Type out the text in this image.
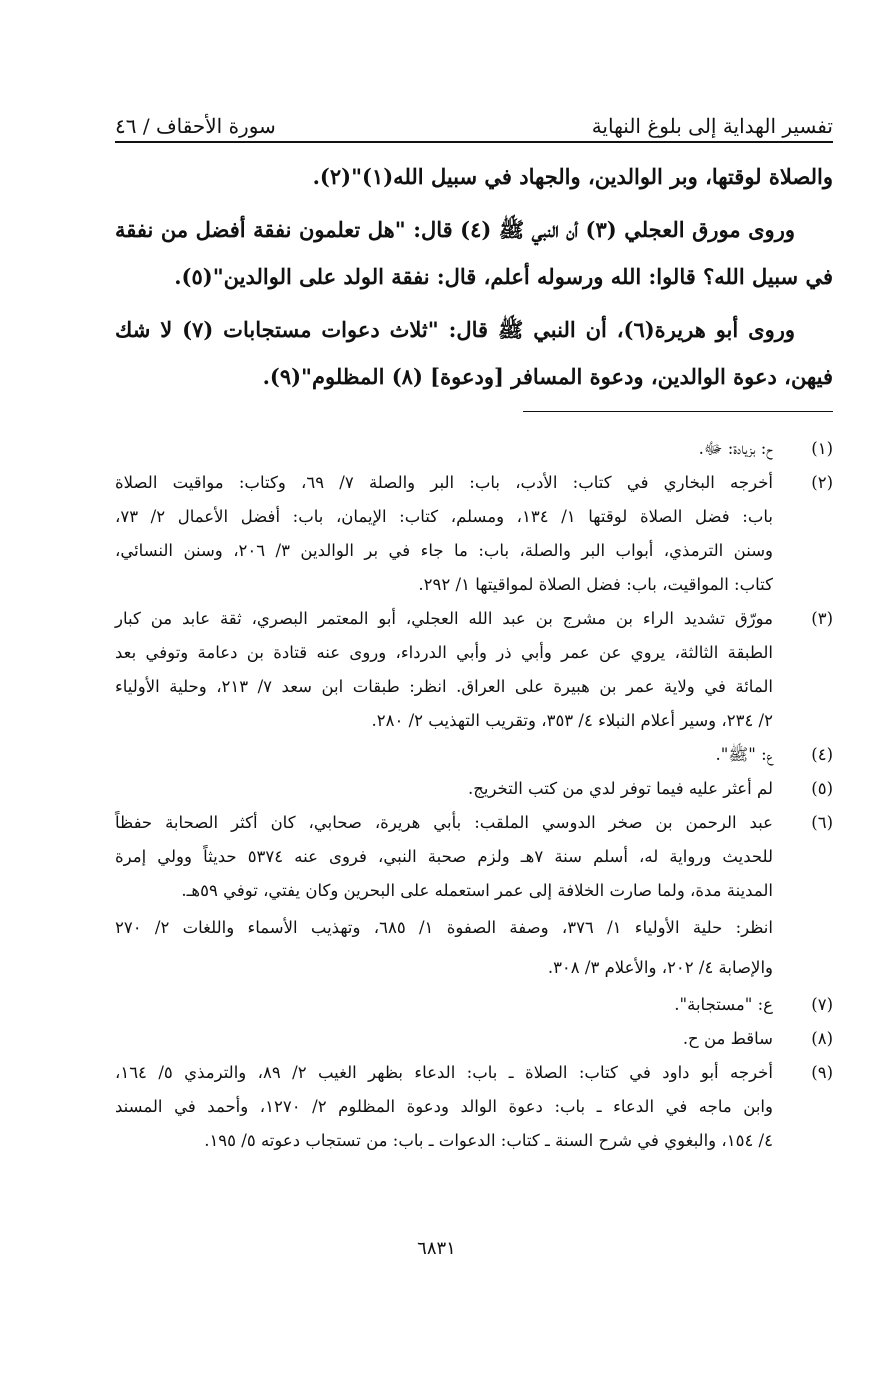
تفسير الهداية إلى بلوغ النهاية
سورة الأحقاف / ٤٦

والصلاة لوقتها، وبر الوالدين، والجهاد في سبيل الله‏(١)"(٢).

وروى مورق العجلي (٣) أن النبي ﷺ (٤) قال: "هل تعلمون نفقة أفضل من نفقة في سبيل الله؟ قالوا: الله ورسوله أعلم، قال: نفقة الولد على الوالدين"(٥).

وروى أبو هريرة(٦)، أن النبي ﷺ قال: "ثلاث دعوات مستجابات (٧) لا شك فيهن، دعوة الوالدين، ودعوة المسافر [ودعوة] (٨) المظلوم"(٩).

(١)
ح: بزيادة: ﷻ.
(٢)
أخرجه البخاري في كتاب: الأدب، باب: البر والصلة ٧/ ٦٩، وكتاب: مواقيت الصلاة
باب: فضل الصلاة لوقتها ١/ ١٣٤، ومسلم، كتاب: الإيمان، باب: أفضل الأعمال ٢/ ٧٣،
وسنن الترمذي، أبواب البر والصلة، باب: ما جاء في بر الوالدين ٣/ ٢٠٦، وسنن النسائي،
كتاب: المواقيت، باب: فضل الصلاة لمواقيتها ١/ ٢٩٢.
(٣)
مورّق تشديد الراء بن مشرج بن عبد الله العجلي، أبو المعتمر البصري، ثقة عابد من كبار
الطبقة الثالثة، يروي عن عمر وأبي ذر وأبي الدرداء، وروى عنه قتادة بن دعامة وتوفي بعد
المائة في ولاية عمر بن هبيرة على العراق. انظر: طبقات ابن سعد ٧/ ٢١٣، وحلية الأولياء
٢/ ٢٣٤، وسير أعلام النبلاء ٤/ ٣٥٣، وتقريب التهذيب ٢/ ٢٨٠.
(٤)
ع: "ﷺ".
(٥)
لم أعثر عليه فيما توفر لدي من كتب التخريج.
(٦)
عبد الرحمن بن صخر الدوسي الملقب: بأبي هريرة، صحابي، كان أكثر الصحابة حفظاً
للحديث ورواية له، أسلم سنة ٧هـ ولزم صحبة النبي، فروى عنه ٥٣٧٤ حديثاً وولي إمرة
المدينة مدة، ولما صارت الخلافة إلى عمر استعمله على البحرين وكان يفتي، توفي ٥٩هـ.
انظر: حلية الأولياء ١/ ٣٧٦، وصفة الصفوة ١/ ٦٨٥، وتهذيب الأسماء واللغات ٢/ ٢٧٠
والإصابة ٤/ ٢٠٢، والأعلام ٣/ ٣٠٨.
(٧)
ع: "مستجابة".
(٨)
ساقط من ح.
(٩)
أخرجه أبو داود في كتاب: الصلاة ـ باب: الدعاء بظهر الغيب ٢/ ٨٩، والترمذي ٥/ ١٦٤،
وابن ماجه في الدعاء ـ باب: دعوة الوالد ودعوة المظلوم ٢/ ١٢٧٠، وأحمد في المسند
٤/ ١٥٤، والبغوي في شرح السنة ـ كتاب: الدعوات ـ باب: من تستجاب دعوته ٥/ ١٩٥.
٦٨٣١
